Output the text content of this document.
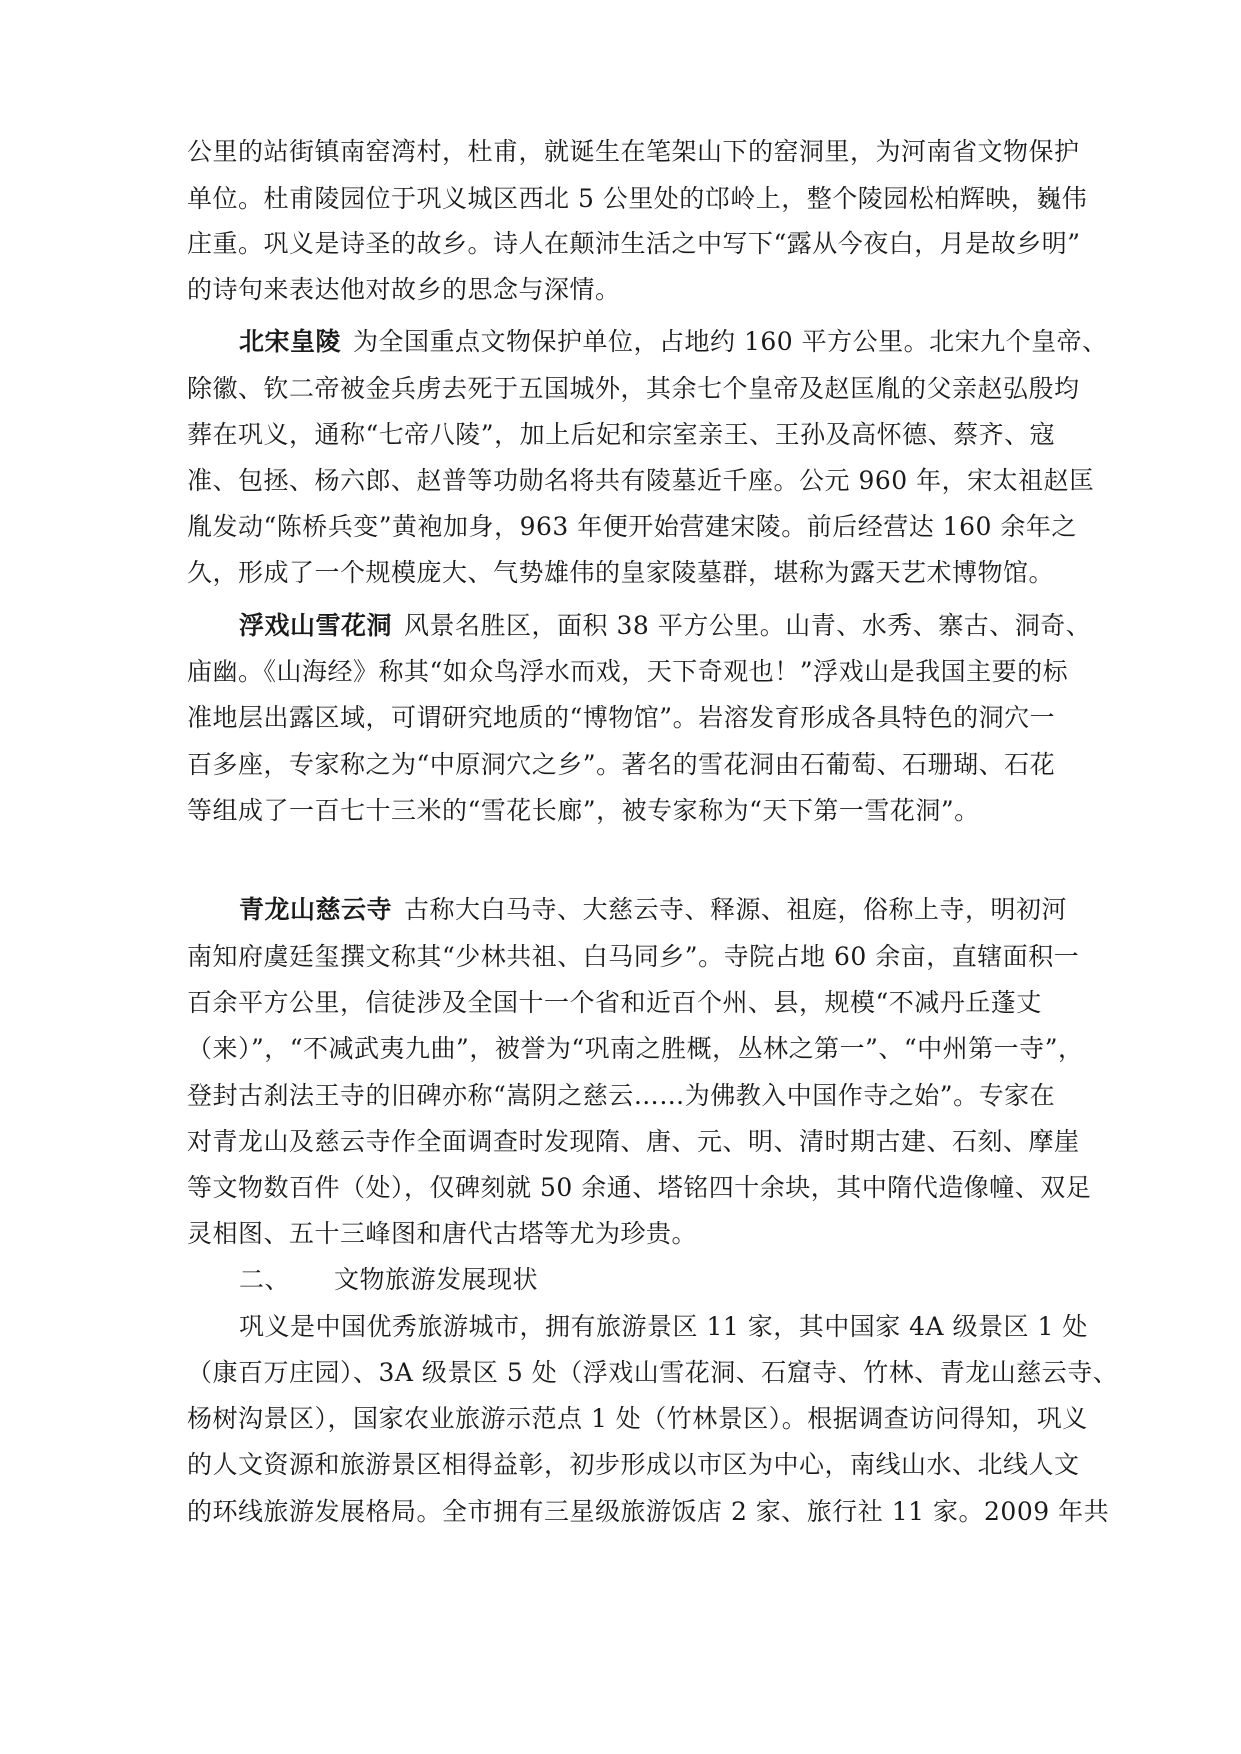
公里的站街镇南窑湾村，杜甫，就诞生在笔架山下的窑洞里，为河南省文物保护
单位。杜甫陵园位于巩义城区西北 5 公里处的邙岭上，整个陵园松柏辉映，巍伟
庄重。巩义是诗圣的故乡。诗人在颠沛生活之中写下“露从今夜白，月是故乡明”
的诗句来表达他对故乡的思念与深情。
北宋皇陵 为全国重点文物保护单位，占地约 160 平方公里。北宋九个皇帝、
除徽、钦二帝被金兵虏去死于五国城外，其余七个皇帝及赵匡胤的父亲赵弘殷均
葬在巩义，通称“七帝八陵”，加上后妃和宗室亲王、王孙及高怀德、蔡齐、寇
准、包拯、杨六郎、赵普等功勋名将共有陵墓近千座。公元 960 年，宋太祖赵匡
胤发动“陈桥兵变”黄袍加身，963 年便开始营建宋陵。前后经营达 160 余年之
久，形成了一个规模庞大、气势雄伟的皇家陵墓群，堪称为露天艺术博物馆。
浮戏山雪花洞 风景名胜区，面积 38 平方公里。山青、水秀、寨古、洞奇、
庙幽。《山海经》称其“如众鸟浮水而戏，天下奇观也！”浮戏山是我国主要的标
准地层出露区域，可谓研究地质的“博物馆”。岩溶发育形成各具特色的洞穴一
百多座，专家称之为“中原洞穴之乡”。著名的雪花洞由石葡萄、石珊瑚、石花
等组成了一百七十三米的“雪花长廊”，被专家称为“天下第一雪花洞”。
青龙山慈云寺 古称大白马寺、大慈云寺、释源、祖庭，俗称上寺，明初河
南知府虞廷玺撰文称其“少林共祖、白马同乡”。寺院占地 60 余亩，直辖面积一
百余平方公里，信徒涉及全国十一个省和近百个州、县，规模“不减丹丘蓬丈
（来）”，“不减武夷九曲”，被誉为“巩南之胜概，丛林之第一”、“中州第一寺”，
登封古刹法王寺的旧碑亦称“嵩阴之慈云……为佛教入中国作寺之始”。专家在
对青龙山及慈云寺作全面调查时发现隋、唐、元、明、清时期古建、石刻、摩崖
等文物数百件（处），仅碑刻就 50 余通、塔铭四十余块，其中隋代造像幢、双足
灵相图、五十三峰图和唐代古塔等尤为珍贵。
二、 文物旅游发展现状
巩义是中国优秀旅游城市，拥有旅游景区 11 家，其中国家 4A 级景区 1 处
（康百万庄园）、3A 级景区 5 处（浮戏山雪花洞、石窟寺、竹林、青龙山慈云寺、
杨树沟景区），国家农业旅游示范点 1 处（竹林景区）。根据调查访问得知，巩义
的人文资源和旅游景区相得益彰，初步形成以市区为中心，南线山水、北线人文
的环线旅游发展格局。全市拥有三星级旅游饭店 2 家、旅行社 11 家。2009 年共
